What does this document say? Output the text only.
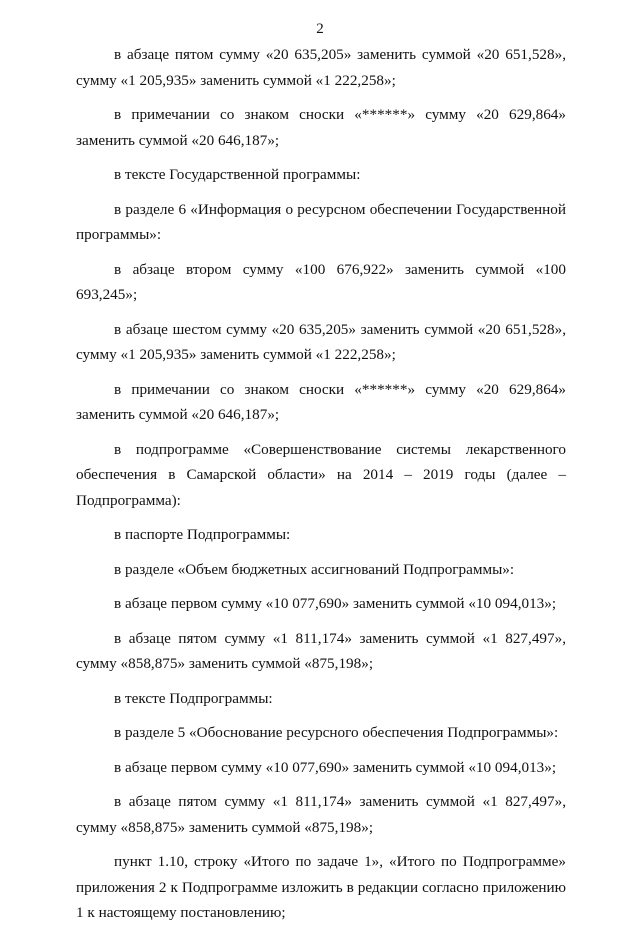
2

в абзаце пятом сумму «20 635,205» заменить суммой «20 651,528», сумму «1 205,935» заменить суммой «1 222,258»;

в примечании со знаком сноски «******» сумму «20 629,864» заменить суммой «20 646,187»;

в тексте Государственной программы:

в разделе 6 «Информация о ресурсном обеспечении Государственной программы»:

в абзаце втором сумму «100 676,922» заменить суммой «100 693,245»;

в абзаце шестом сумму «20 635,205» заменить суммой «20 651,528», сумму «1 205,935» заменить суммой «1 222,258»;

в примечании со знаком сноски «******» сумму «20 629,864» заменить суммой «20 646,187»;

в подпрограмме «Совершенствование системы лекарственного обеспечения в Самарской области» на 2014 – 2019 годы (далее – Подпрограмма):

в паспорте Подпрограммы:

в разделе «Объем бюджетных ассигнований Подпрограммы»:

в абзаце первом сумму «10 077,690» заменить суммой «10 094,013»;

в абзаце пятом сумму «1 811,174» заменить суммой «1 827,497», сумму «858,875» заменить суммой «875,198»;

в тексте Подпрограммы:

в разделе 5 «Обоснование ресурсного обеспечения Подпрограммы»:

в абзаце первом сумму «10 077,690» заменить суммой «10 094,013»;

в абзаце пятом сумму «1 811,174» заменить суммой «1 827,497», сумму «858,875» заменить суммой «875,198»;

пункт 1.10, строку «Итого по задаче 1», «Итого по Подпрограмме» приложения 2 к Подпрограмме изложить в редакции согласно приложению 1 к настоящему постановлению;
